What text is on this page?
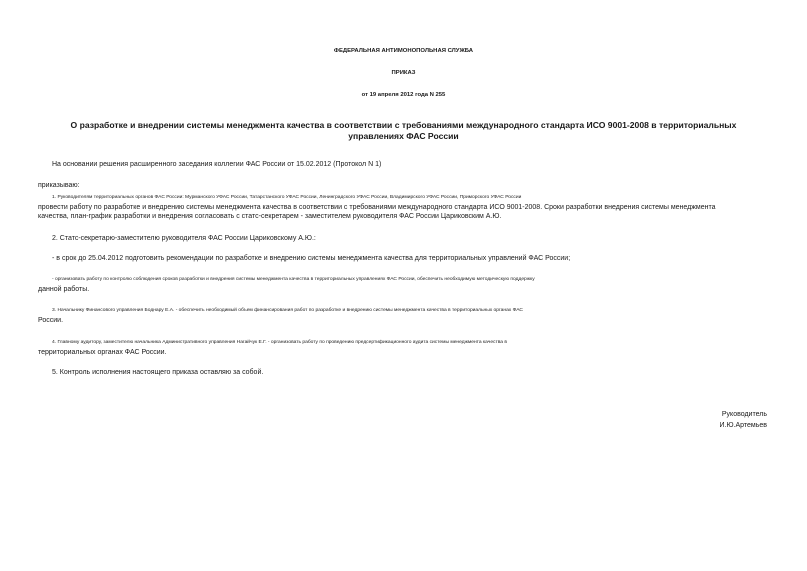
ФЕДЕРАЛЬНАЯ АНТИМОНОПОЛЬНАЯ СЛУЖБА
ПРИКАЗ
от 19 апреля 2012 года N 255
О разработке и внедрении системы менеджмента качества в соответствии с требованиями международного стандарта ИСО 9001-2008 в территориальных
управлениях ФАС России
На основании решения расширенного заседания коллегии ФАС России от 15.02.2012 (Протокол N 1)
приказываю:
1. Руководителям территориальных органов ФАС России: Мурманского УФАС России, Татарстанского УФАС России, Ленинградского УФАС России, Владимирского УФАС России, Приморского УФАС России
провести работу по разработке и внедрению системы менеджмента качества в соответствии с требованиями международного стандарта ИСО 9001-2008. Сроки разработки внедрения системы менеджмента
качества, план-график разработки и внедрения согласовать с статс-секретарем - заместителем руководителя ФАС России Цариковским А.Ю.
2. Статс-секретарю-заместителю руководителя ФАС России Цариковскому А.Ю.:
- в срок до 25.04.2012 подготовить рекомендации по разработке и внедрению системы менеджмента качества для территориальных управлений ФАС России;
- организовать работу по контролю соблюдения сроков разработки и внедрения системы менеджмента качества в территориальных управлениях ФАС России, обеспечить необходимую методическую поддержку
данной работы.
3. Начальнику Финансового управления Боднару Е.А. - обеспечить необходимый объем финансирования работ по разработке и внедрению системы менеджмента качества в территориальных органах ФАС
России.
4. Главному аудитору, заместителю начальника Административного управления Нагайчук Е.Г. - организовать работу по проведению предсертификационного аудита системы менеджмента качества в
территориальных органах ФАС России.
5. Контроль исполнения настоящего приказа оставляю за собой.
Руководитель
И.Ю.Артемьев
